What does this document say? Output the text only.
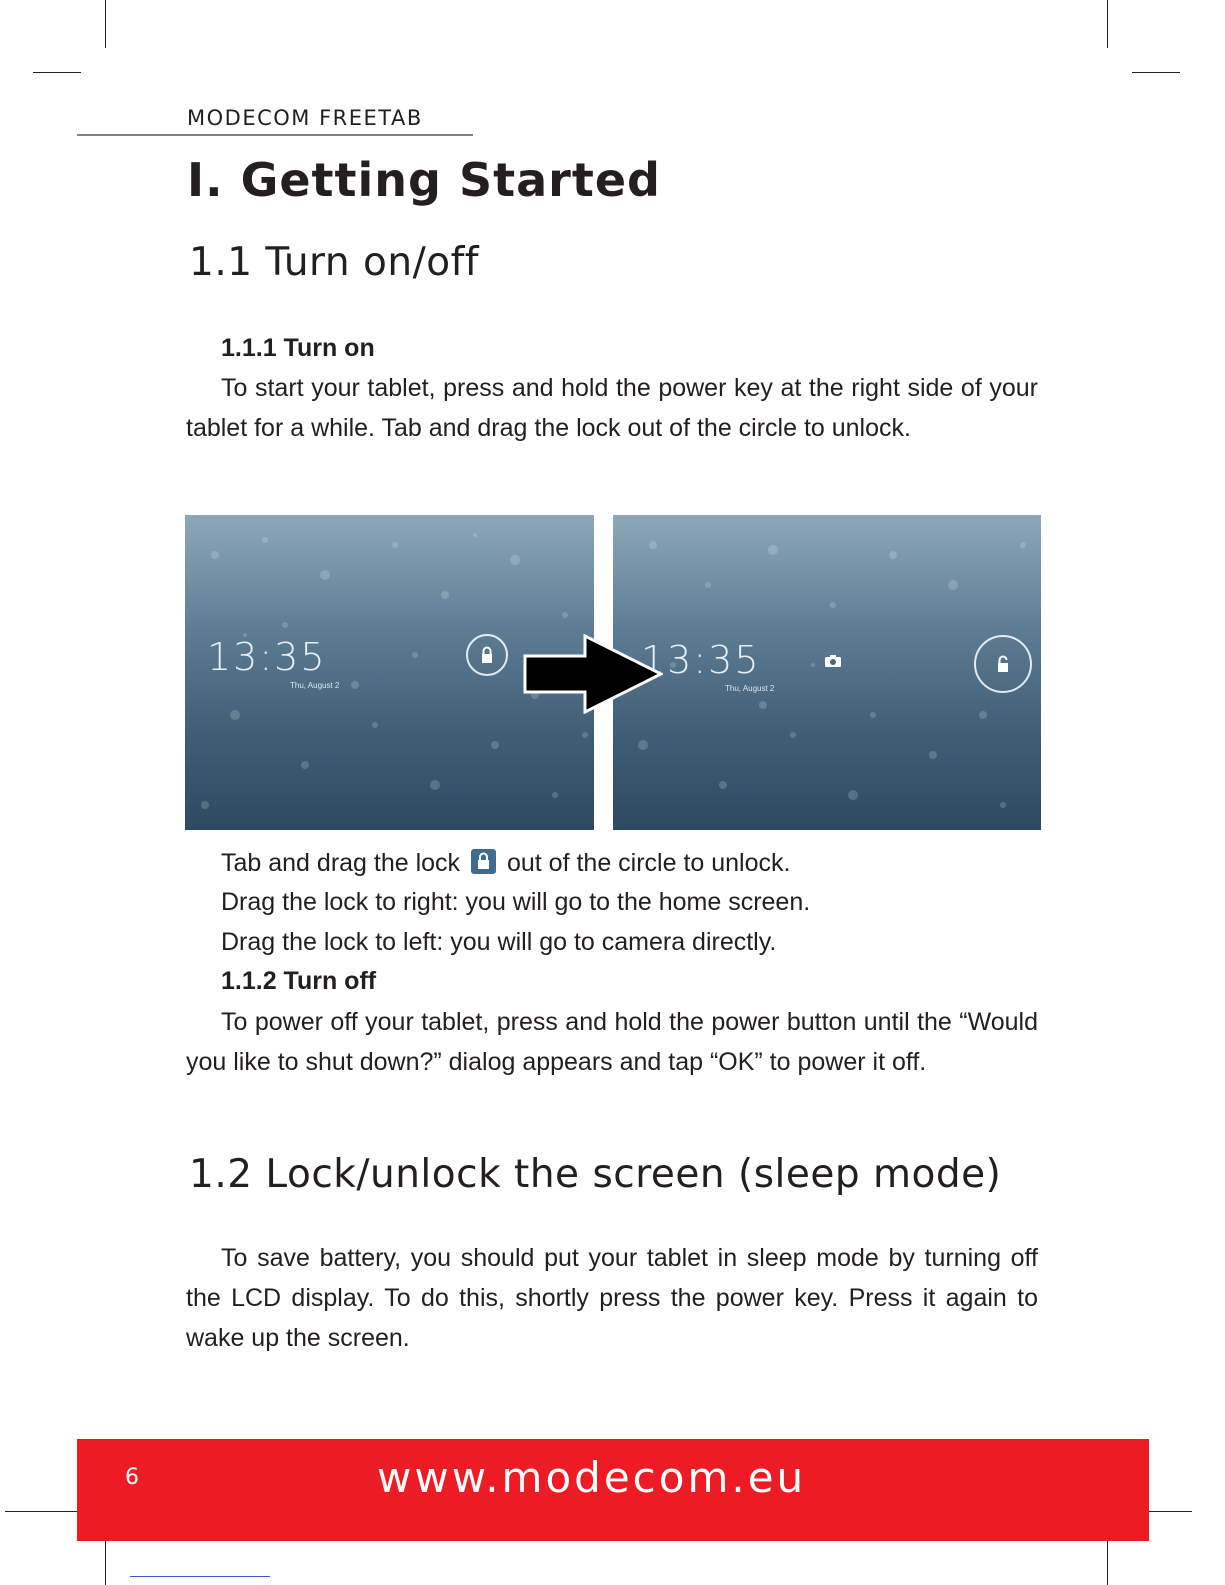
MODECOM FREETAB
I. Getting Started
1.1 Turn on/off
1.1.1 Turn on

To start your tablet, press and hold the power key at the right side of your tablet for a while. Tab and drag the lock out of the circle to unlock.

13:35
Thu, August 2
13:35
Thu, August 2
Tab and drag the lock out of the circle to unlock.
Drag the lock to right: you will go to the home screen.
Drag the lock to left: you will go to camera directly.
1.1.2 Turn off

To power off your tablet, press and hold the power button until the “Would you like to shut down?” dialog appears and tap “OK” to power it off.

1.2 Lock/unlock the screen (sleep mode)

To save battery, you should put your tablet in sleep mode by turning off the LCD display. To do this, shortly press the power key. Press it again to wake up the screen.

6	www.modecom.eu
